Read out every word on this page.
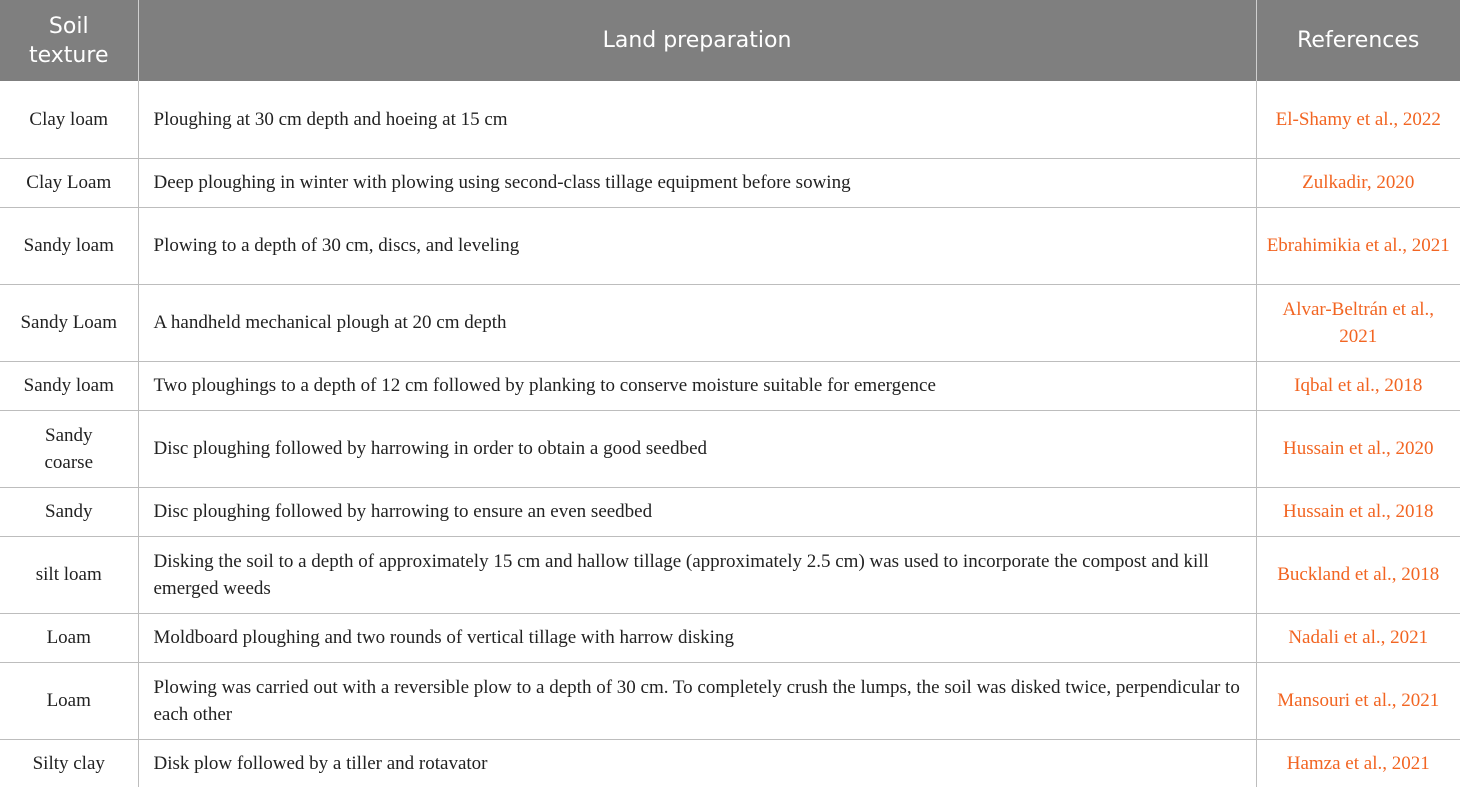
Soil texture	Land preparation	References
Clay loam	Ploughing at 30 cm depth and hoeing at 15 cm	El-Shamy et al., 2022
Clay Loam	Deep ploughing in winter with plowing using second-class tillage equipment before sowing	Zulkadir, 2020
Sandy loam	Plowing to a depth of 30 cm, discs, and leveling	Ebrahimikia et al., 2021
Sandy Loam	A handheld mechanical plough at 20 cm depth	Alvar-Beltrán et al., 2021
Sandy loam	Two ploughings to a depth of 12 cm followed by planking to conserve moisture suitable for emergence	Iqbal et al., 2018
Sandy coarse	Disc ploughing followed by harrowing in order to obtain a good seedbed	Hussain et al., 2020
Sandy	Disc ploughing followed by harrowing to ensure an even seedbed	Hussain et al., 2018
silt loam	Disking the soil to a depth of approximately 15 cm and hallow tillage (approximately 2.5 cm) was used to incorporate the compost and kill emerged weeds	Buckland et al., 2018
Loam	Moldboard ploughing and two rounds of vertical tillage with harrow disking	Nadali et al., 2021
Loam	Plowing was carried out with a reversible plow to a depth of 30 cm. To completely crush the lumps, the soil was disked twice, perpendicular to each other	Mansouri et al., 2021
Silty clay	Disk plow followed by a tiller and rotavator	Hamza et al., 2021
